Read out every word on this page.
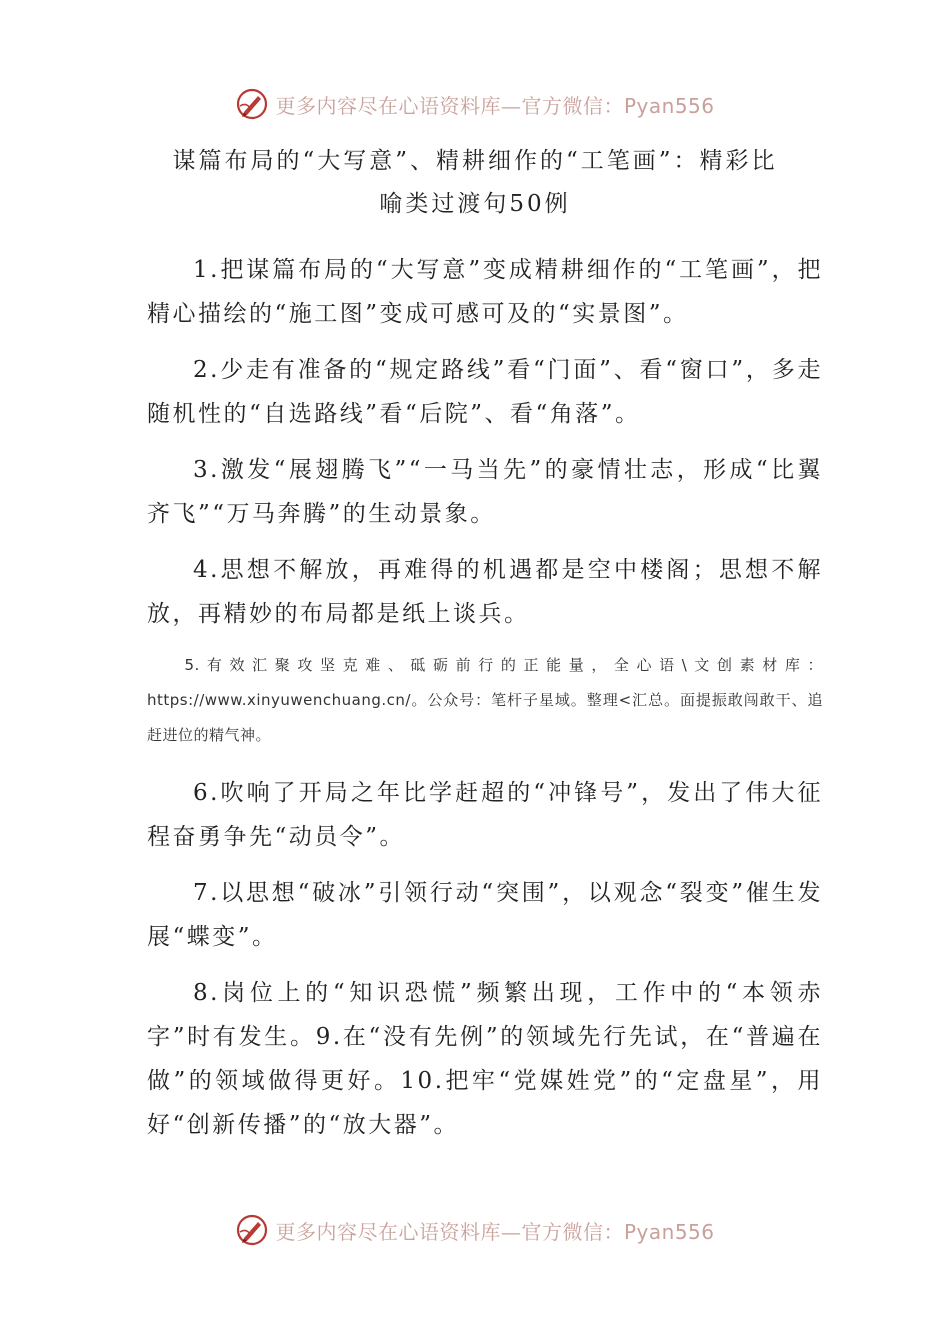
更多内容尽在心语资料库—官方微信：Pyan556
谋篇布局的“大写意”、精耕细作的“工笔画”：精彩比
喻类过渡句50例

1.把谋篇布局的“大写意”变成精耕细作的“工笔画”，把精心描绘的“施工图”变成可感可及的“实景图”。

2.少走有准备的“规定路线”看“门面”、看“窗口”，多走随机性的“自选路线”看“后院”、看“角落”。

3.激发“展翅腾飞”“一马当先”的豪情壮志，形成“比翼齐飞”“万马奔腾”的生动景象。

4.思想不解放，再难得的机遇都是空中楼阁；思想不解放，再精妙的布局都是纸上谈兵。

5.有效汇聚攻坚克难、砥砺前行的正能量，全心语\文创素材库：https://www.xinyuwenchuang.cn/。公众号：笔杆子星域。整理<汇总。面提振敢闯敢干、追赶进位的精气神。

6.吹响了开局之年比学赶超的“冲锋号”，发出了伟大征程奋勇争先“动员令”。

7.以思想“破冰”引领行动“突围”，以观念“裂变”催生发展“蝶变”。

8.岗位上的“知识恐慌”频繁出现，工作中的“本领赤字”时有发生。9.在“没有先例”的领域先行先试，在“普遍在做”的领域做得更好。10.把牢“党媒姓党”的“定盘星”，用好“创新传播”的“放大器”。

更多内容尽在心语资料库—官方微信：Pyan556
